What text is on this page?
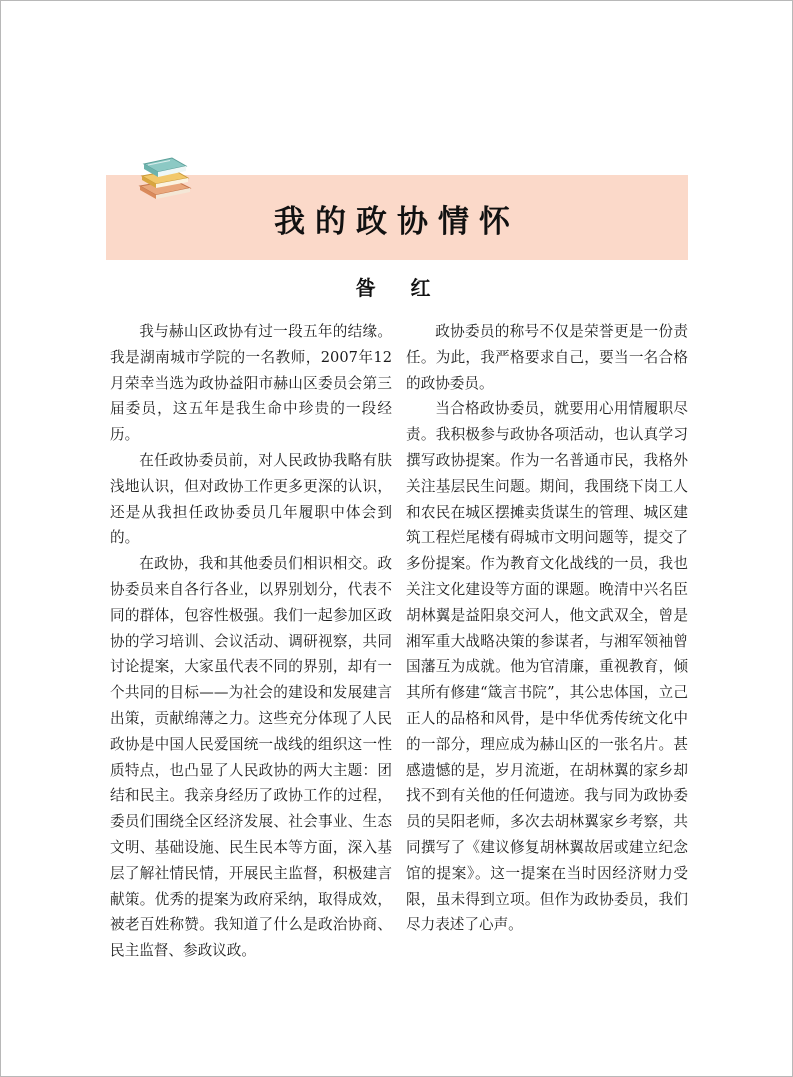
我的政协情怀
昝 红

我与赫山区政协有过一段五年的结缘。我是湖南城市学院的一名教师，2007年12月荣幸当选为政协益阳市赫山区委员会第三届委员，这五年是我生命中珍贵的一段经历。

在任政协委员前，对人民政协我略有肤浅地认识，但对政协工作更多更深的认识，还是从我担任政协委员几年履职中体会到的。

在政协，我和其他委员们相识相交。政协委员来自各行各业，以界别划分，代表不同的群体，包容性极强。我们一起参加区政协的学习培训、会议活动、调研视察，共同讨论提案，大家虽代表不同的界别，却有一个共同的目标——为社会的建设和发展建言出策，贡献绵薄之力。这些充分体现了人民政协是中国人民爱国统一战线的组织这一性质特点，也凸显了人民政协的两大主题：团结和民主。我亲身经历了政协工作的过程，委员们围绕全区经济发展、社会事业、生态文明、基础设施、民生民本等方面，深入基层了解社情民情，开展民主监督，积极建言献策。优秀的提案为政府采纳，取得成效，被老百姓称赞。我知道了什么是政治协商、民主监督、参政议政。

政协委员的称号不仅是荣誉更是一份责任。为此，我严格要求自己，要当一名合格的政协委员。

当合格政协委员，就要用心用情履职尽责。我积极参与政协各项活动，也认真学习撰写政协提案。作为一名普通市民，我格外关注基层民生问题。期间，我围绕下岗工人和农民在城区摆摊卖货谋生的管理、城区建筑工程烂尾楼有碍城市文明问题等，提交了多份提案。作为教育文化战线的一员，我也关注文化建设等方面的课题。晚清中兴名臣胡林翼是益阳泉交河人，他文武双全，曾是湘军重大战略决策的参谋者，与湘军领袖曾国藩互为成就。他为官清廉，重视教育，倾其所有修建“箴言书院”，其公忠体国，立己正人的品格和风骨，是中华优秀传统文化中的一部分，理应成为赫山区的一张名片。甚感遗憾的是，岁月流逝，在胡林翼的家乡却找不到有关他的任何遗迹。我与同为政协委员的吴阳老师，多次去胡林翼家乡考察，共同撰写了《建议修复胡林翼故居或建立纪念馆的提案》。这一提案在当时因经济财力受限，虽未得到立项。但作为政协委员，我们尽力表述了心声。
